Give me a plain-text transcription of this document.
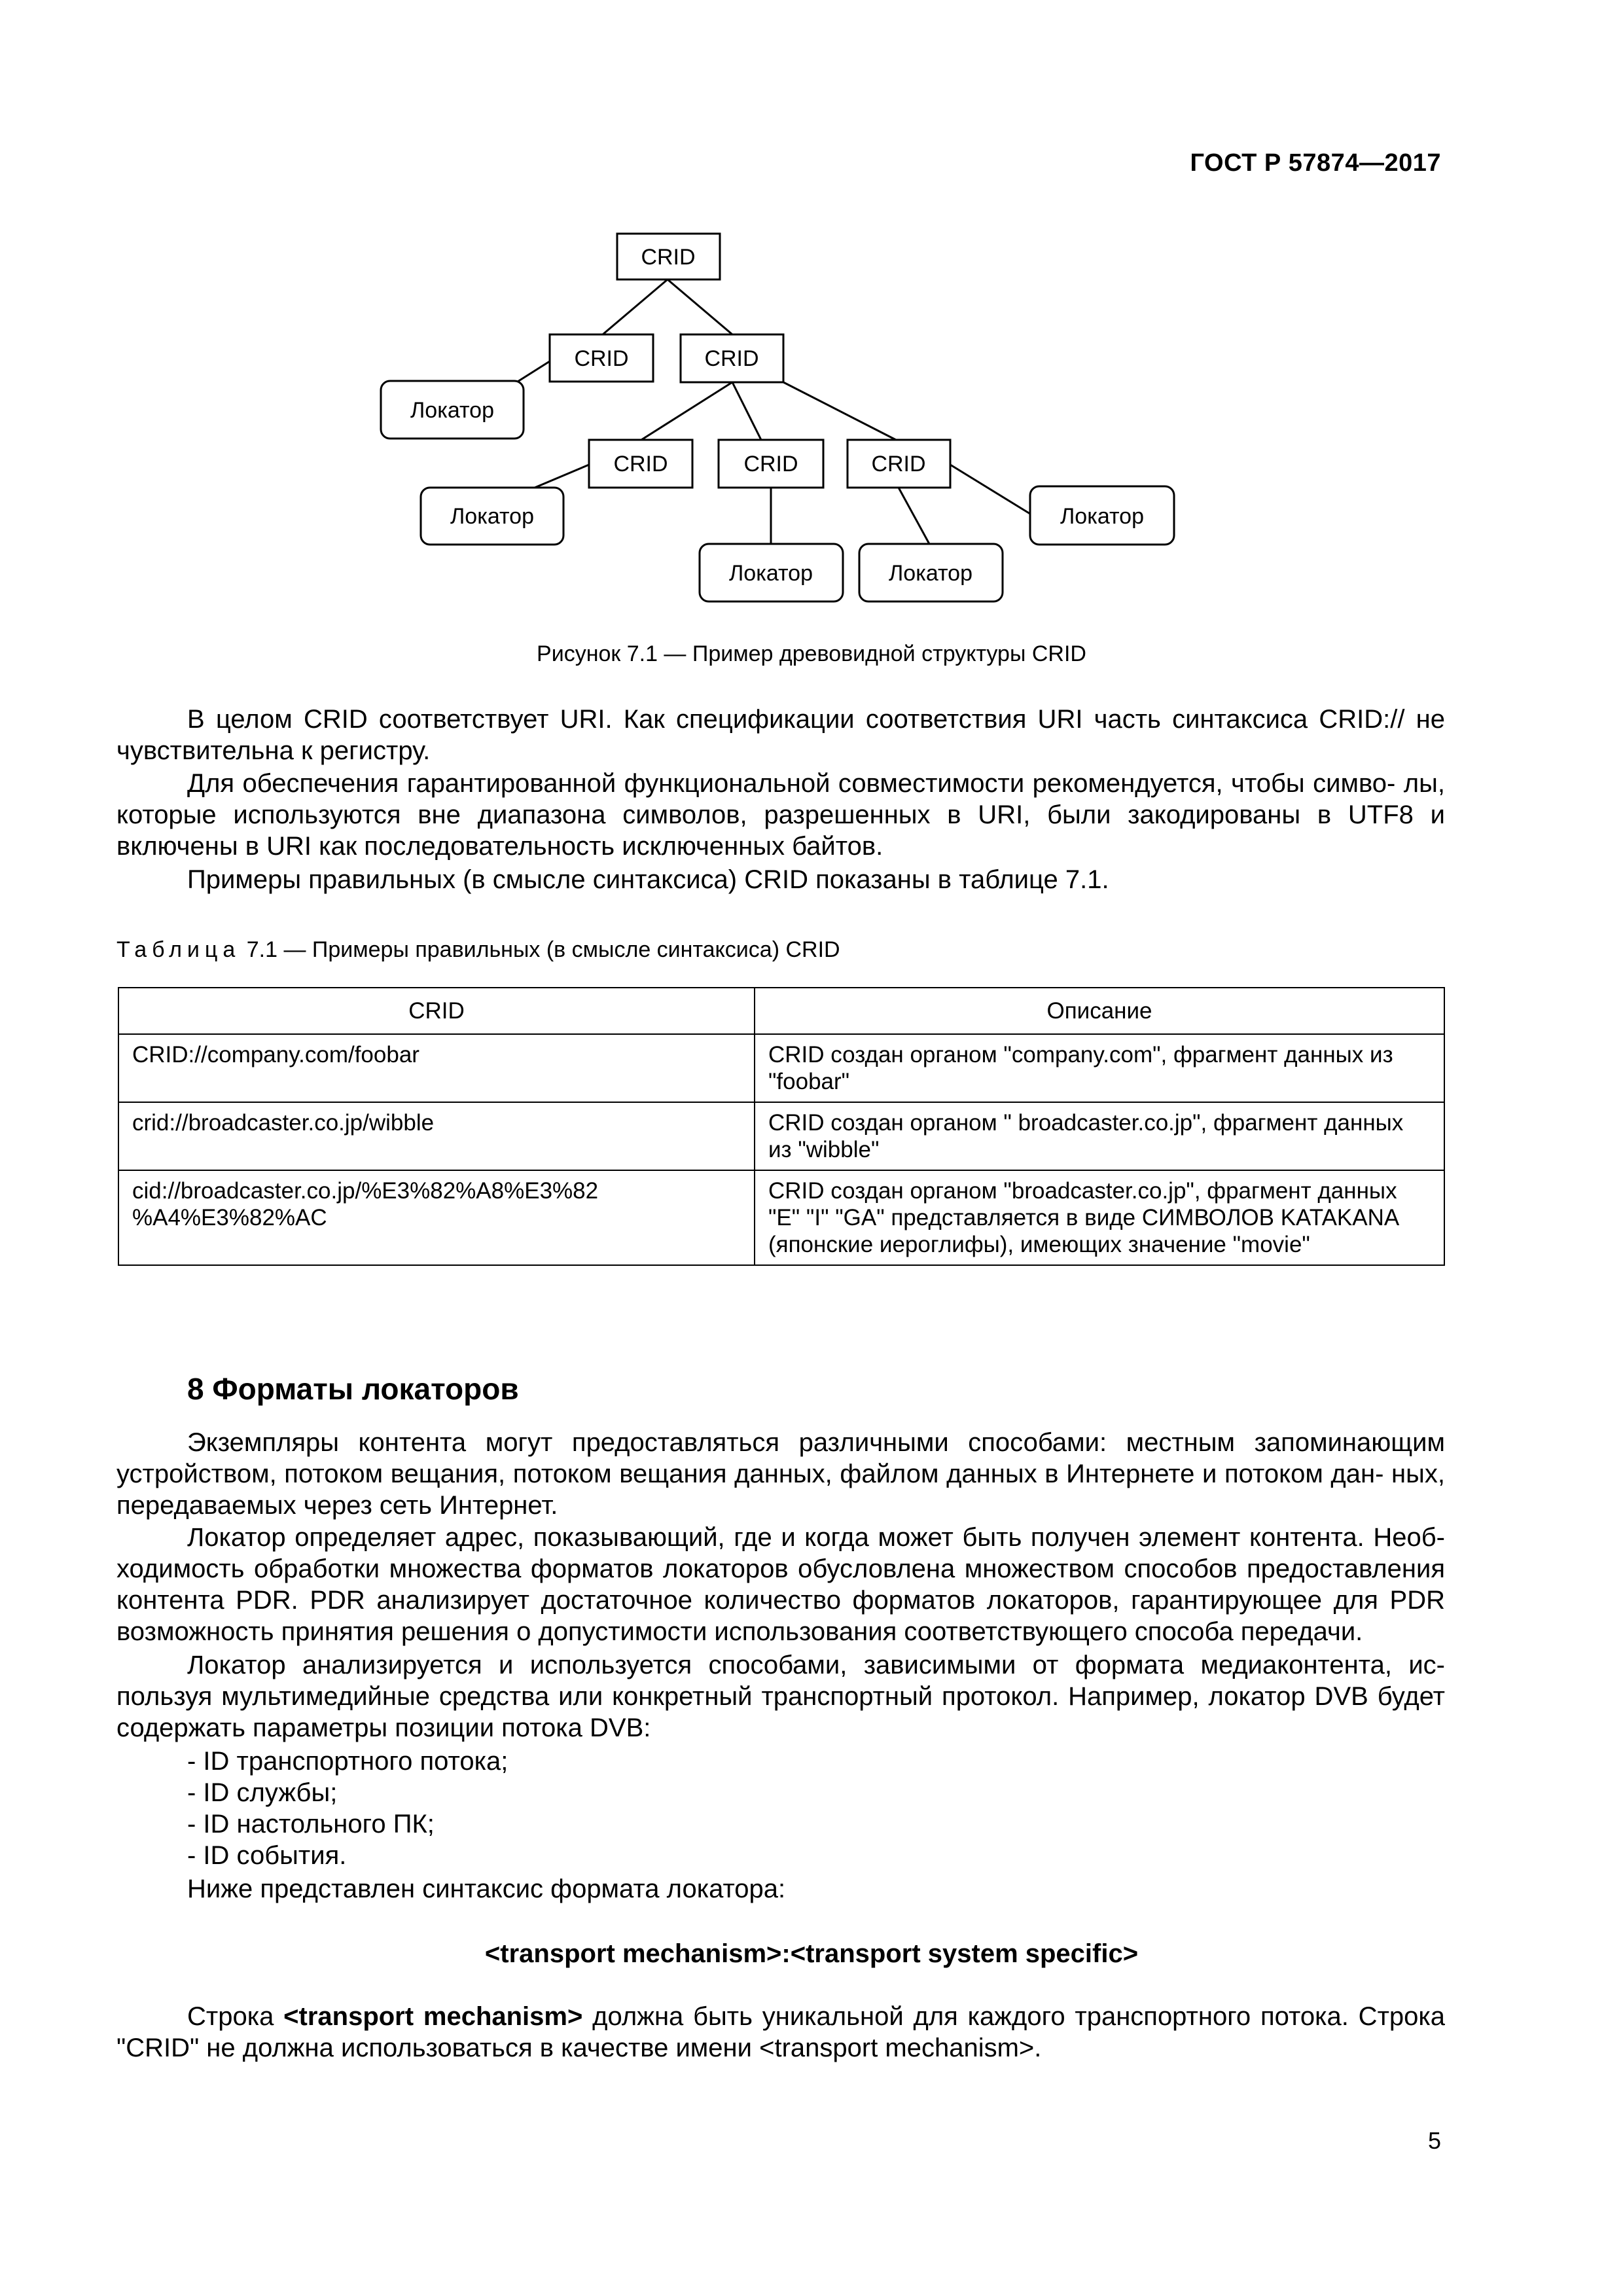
ГОСТ Р 57874—2017
CRID
CRID	CRID
Локатор
CRID	CRID	CRID
Локатор	Локатор
Локатор	Локатор
Рисунок 7.1 — Пример древовидной структуры CRID

В целом CRID соответствует URI. Как спецификации соответствия URI часть синтаксиса CRID:// не чувствительна к регистру.

Для обеспечения гарантированной функциональной совместимости рекомендуется, чтобы симво- лы, которые используются вне диапазона символов, разрешенных в URI, были закодированы в UTF8 и включены в URI как последовательность исключенных байтов.

Примеры правильных (в смысле синтаксиса) CRID показаны в таблице 7.1.

Таблица 7.1 — Примеры правильных (в смысле синтаксиса) CRID
CRID	Описание
CRID://company.com/foobar	CRID создан органом "company.com", фрагмент данных из "foobar"
crid://broadcaster.co.jp/wibble	CRID создан органом " broadcaster.co.jp", фрагмент данных из "wibble"
cid://broadcaster.co.jp/%E3%82%A8%E3%82 %A4%E3%82%AC	CRID создан органом "broadcaster.co.jp", фрагмент данных "Е" "I" "GA" представляется в виде СИМВОЛОВ KATAKANA (японские иероглифы), имеющих значение "movie"
8 Форматы локаторов

Экземпляры контента могут предоставляться различными способами: местным запоминающим устройством, потоком вещания, потоком вещания данных, файлом данных в Интернете и потоком дан- ных, передаваемых через сеть Интернет.

Локатор определяет адрес, показывающий, где и когда может быть получен элемент контента. Необ- ходимость обработки множества форматов локаторов обусловлена множеством способов предоставления контента PDR. PDR анализирует достаточное количество форматов локаторов, гарантирующее для PDR возможность принятия решения о допустимости использования соответствующего способа передачи.

Локатор анализируется и используется способами, зависимыми от формата медиаконтента, ис- пользуя мультимедийные средства или конкретный транспортный протокол. Например, локатор DVB будет содержать параметры позиции потока DVB:

- ID транспортного потока;
- ID службы;
- ID настольного ПК;
- ID события.

Ниже представлен синтаксис формата локатора:

<transport mechanism>:<transport system specific>

Строка <transport mechanism> должна быть уникальной для каждого транспортного потока. Строка "CRID" не должна использоваться в качестве имени <transport mechanism>.

5
